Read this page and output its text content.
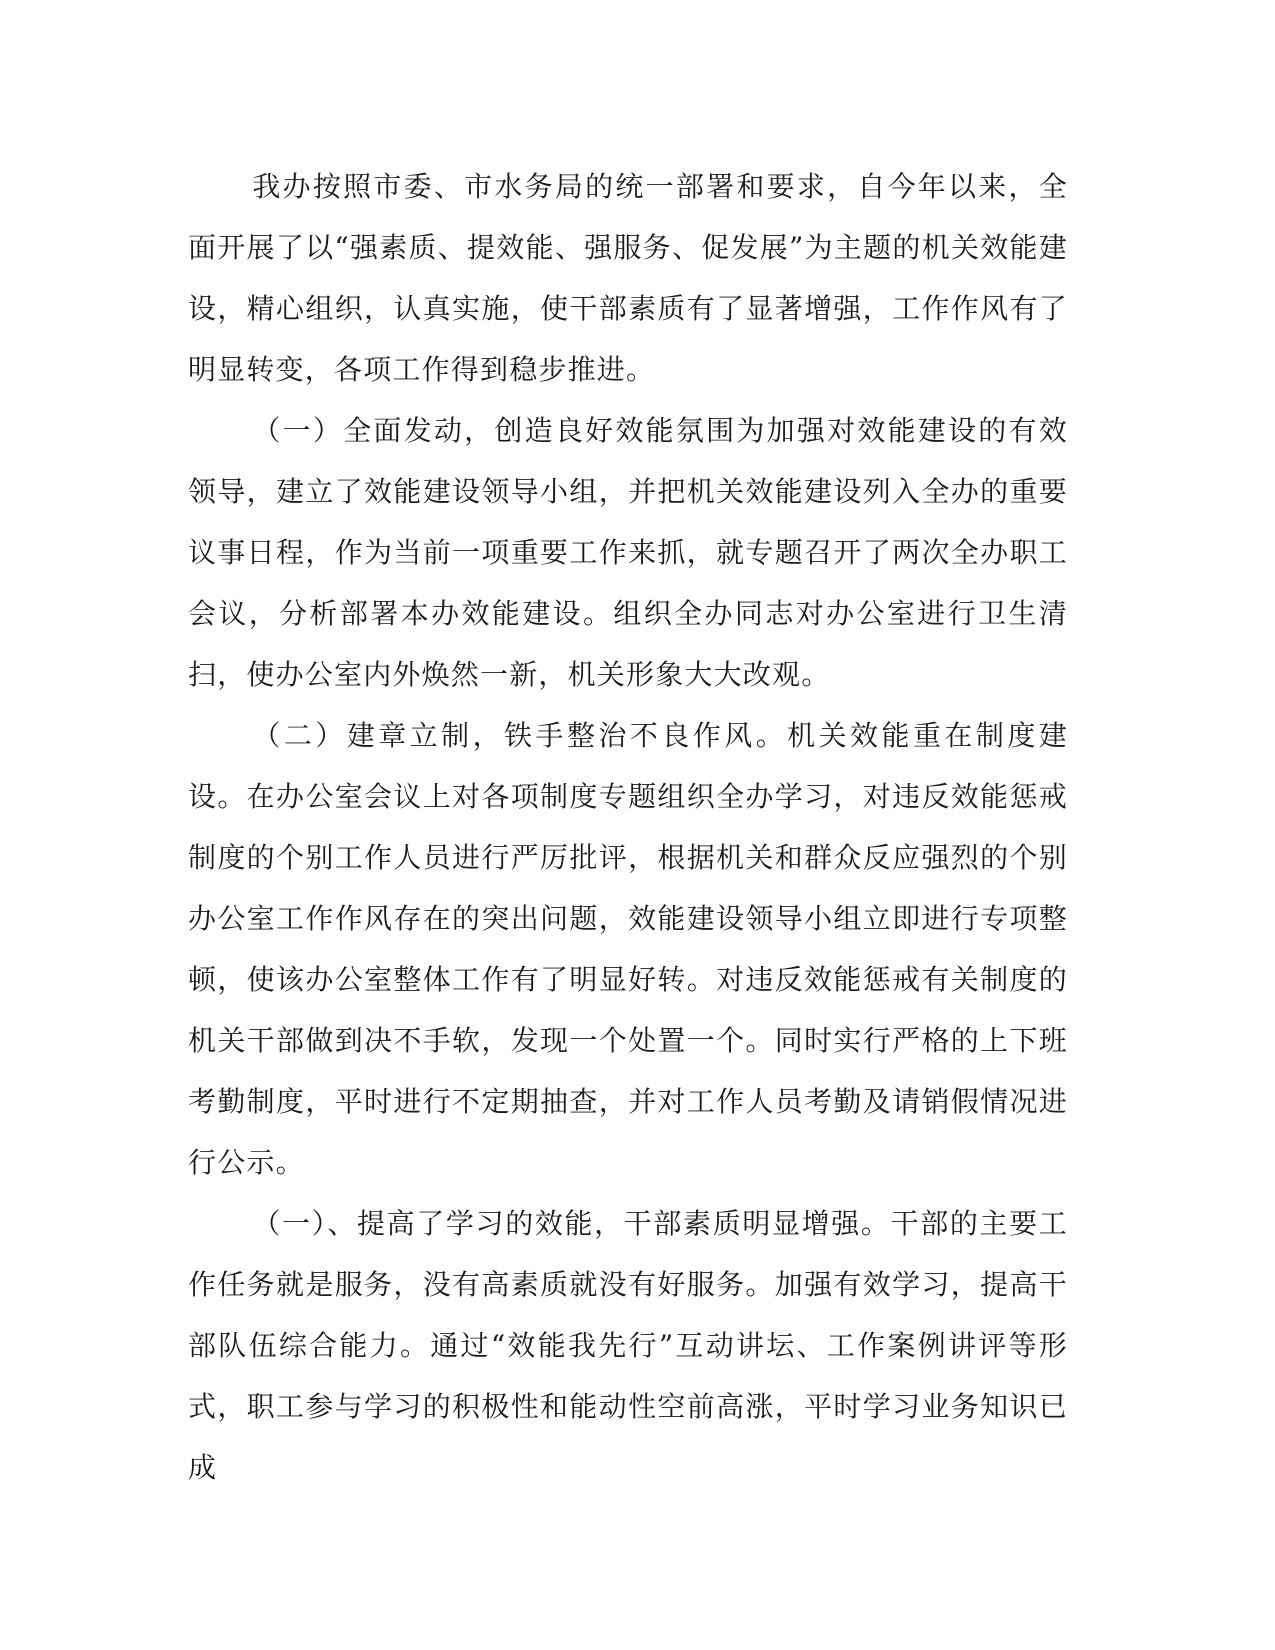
我办按照市委、市水务局的统一部署和要求，自今年以来，全面开展了以“强素质、提效能、强服务、促发展”为主题的机关效能建设，精心组织，认真实施，使干部素质有了显著增强，工作作风有了明显转变，各项工作得到稳步推进。

（一）全面发动，创造良好效能氛围为加强对效能建设的有效领导，建立了效能建设领导小组，并把机关效能建设列入全办的重要议事日程，作为当前一项重要工作来抓，就专题召开了两次全办职工会议，分析部署本办效能建设。组织全办同志对办公室进行卫生清扫，使办公室内外焕然一新，机关形象大大改观。

（二）建章立制，铁手整治不良作风。机关效能重在制度建设。在办公室会议上对各项制度专题组织全办学习，对违反效能惩戒制度的个别工作人员进行严厉批评，根据机关和群众反应强烈的个别办公室工作作风存在的突出问题，效能建设领导小组立即进行专项整顿，使该办公室整体工作有了明显好转。对违反效能惩戒有关制度的机关干部做到决不手软，发现一个处置一个。同时实行严格的上下班考勤制度，平时进行不定期抽查，并对工作人员考勤及请销假情况进行公示。

（一）、提高了学习的效能，干部素质明显增强。干部的主要工作任务就是服务，没有高素质就没有好服务。加强有效学习，提高干部队伍综合能力。通过“效能我先行”互动讲坛、工作案例讲评等形式，职工参与学习的积极性和能动性空前高涨，平时学习业务知识已成
